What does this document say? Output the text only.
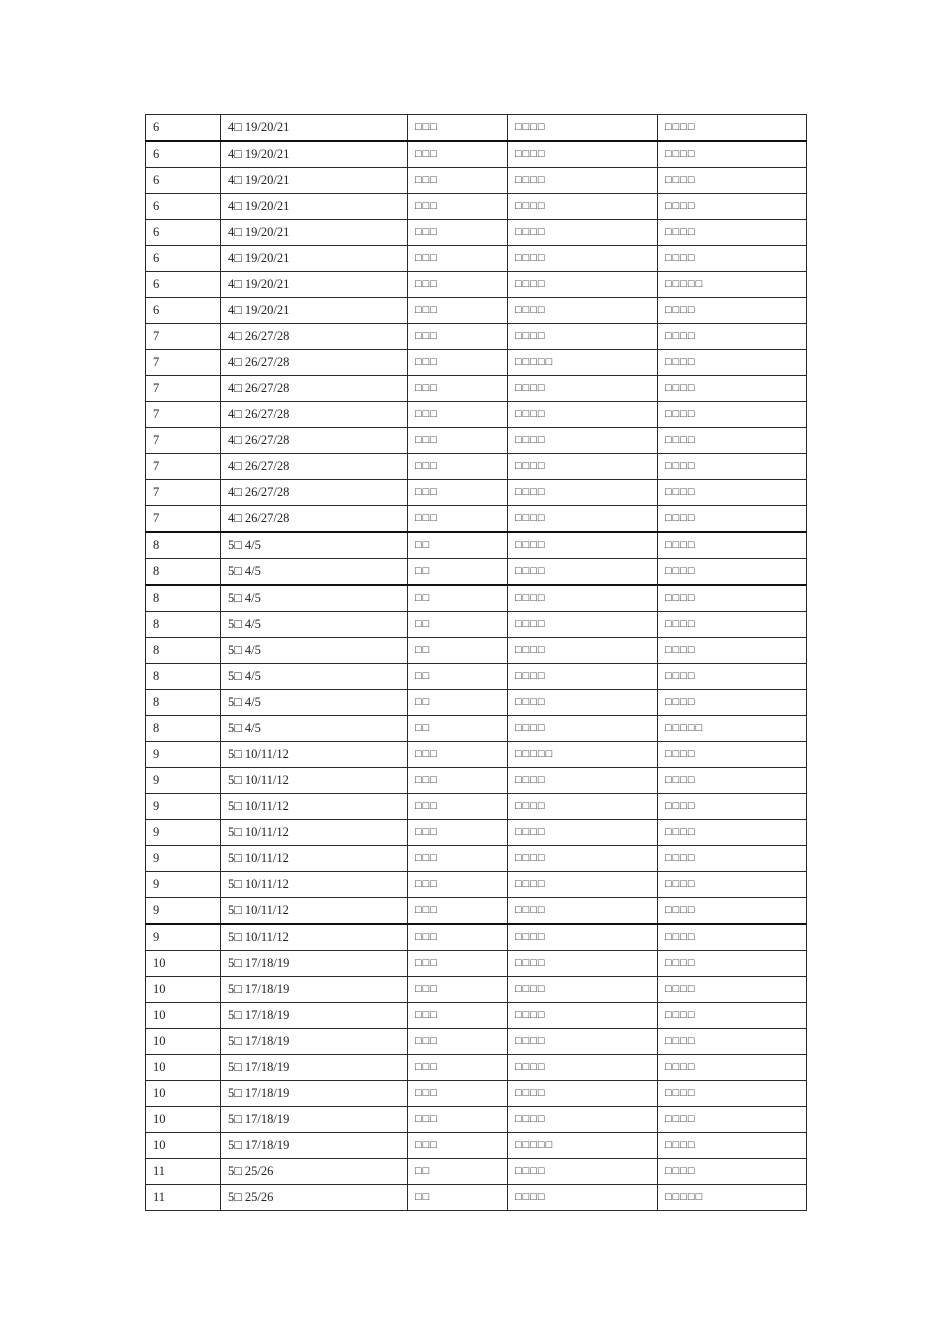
6	4□ 19/20/21	□□□	□□□□	□□□□
6	4□ 19/20/21	□□□	□□□□	□□□□
6	4□ 19/20/21	□□□	□□□□	□□□□
6	4□ 19/20/21	□□□	□□□□	□□□□
6	4□ 19/20/21	□□□	□□□□	□□□□
6	4□ 19/20/21	□□□	□□□□	□□□□
6	4□ 19/20/21	□□□	□□□□	□□□□□
6	4□ 19/20/21	□□□	□□□□	□□□□
7	4□ 26/27/28	□□□	□□□□	□□□□
7	4□ 26/27/28	□□□	□□□□□	□□□□
7	4□ 26/27/28	□□□	□□□□	□□□□
7	4□ 26/27/28	□□□	□□□□	□□□□
7	4□ 26/27/28	□□□	□□□□	□□□□
7	4□ 26/27/28	□□□	□□□□	□□□□
7	4□ 26/27/28	□□□	□□□□	□□□□
7	4□ 26/27/28	□□□	□□□□	□□□□
8	5□ 4/5	□□	□□□□	□□□□
8	5□ 4/5	□□	□□□□	□□□□
8	5□ 4/5	□□	□□□□	□□□□
8	5□ 4/5	□□	□□□□	□□□□
8	5□ 4/5	□□	□□□□	□□□□
8	5□ 4/5	□□	□□□□	□□□□
8	5□ 4/5	□□	□□□□	□□□□
8	5□ 4/5	□□	□□□□	□□□□□
9	5□ 10/11/12	□□□	□□□□□	□□□□
9	5□ 10/11/12	□□□	□□□□	□□□□
9	5□ 10/11/12	□□□	□□□□	□□□□
9	5□ 10/11/12	□□□	□□□□	□□□□
9	5□ 10/11/12	□□□	□□□□	□□□□
9	5□ 10/11/12	□□□	□□□□	□□□□
9	5□ 10/11/12	□□□	□□□□	□□□□
9	5□ 10/11/12	□□□	□□□□	□□□□
10	5□ 17/18/19	□□□	□□□□	□□□□
10	5□ 17/18/19	□□□	□□□□	□□□□
10	5□ 17/18/19	□□□	□□□□	□□□□
10	5□ 17/18/19	□□□	□□□□	□□□□
10	5□ 17/18/19	□□□	□□□□	□□□□
10	5□ 17/18/19	□□□	□□□□	□□□□
10	5□ 17/18/19	□□□	□□□□	□□□□
10	5□ 17/18/19	□□□	□□□□□	□□□□
11	5□ 25/26	□□	□□□□	□□□□
11	5□ 25/26	□□	□□□□	□□□□□
